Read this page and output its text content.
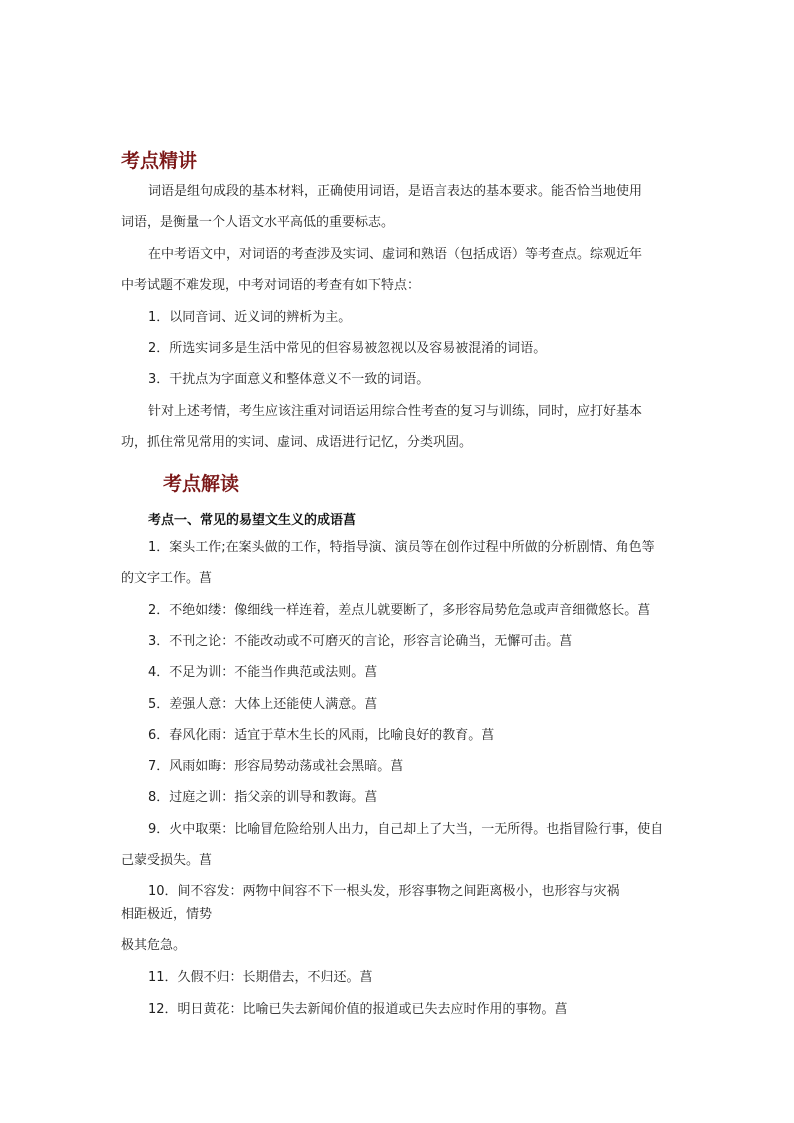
考点精讲
词语是组句成段的基本材料，正确使用词语，是语言表达的基本要求。能否恰当地使用
词语，是衡量一个人语文水平高低的重要标志。
在中考语文中，对词语的考查涉及实词、虚词和熟语（包括成语）等考查点。综观近年
中考试题不难发现，中考对词语的考查有如下特点：
1．以同音词、近义词的辨析为主。
2．所选实词多是生活中常见的但容易被忽视以及容易被混淆的词语。
3．干扰点为字面意义和整体意义不一致的词语。
针对上述考情，考生应该注重对词语运用综合性考查的复习与训练，同时，应打好基本
功，抓住常见常用的实词、虚词、成语进行记忆，分类巩固。
考点解读
考点一、常见的易望文生义的成语菖
1．案头工作;在案头做的工作，特指导演、演员等在创作过程中所做的分析剧情、角色等
的文字工作。菖
2．不绝如缕：像细线一样连着，差点儿就要断了，多形容局势危急或声音细微悠长。菖
3．不刊之论：不能改动或不可磨灭的言论，形容言论确当，无懈可击。菖
4．不足为训：不能当作典范或法则。菖
5．差强人意：大体上还能使人满意。菖
6．春风化雨：适宜于草木生长的风雨，比喻良好的教育。菖
7．风雨如晦：形容局势动荡或社会黑暗。菖
8．过庭之训：指父亲的训导和教诲。菖
9．火中取栗：比喻冒危险给别人出力，自己却上了大当，一无所得。也指冒险行事，使自
己蒙受损失。菖
10．间不容发：两物中间容不下一根头发，形容事物之间距离极小，也形容与灾祸
相距极近，情势
极其危急。
11．久假不归：长期借去，不归还。菖
12．明日黄花：比喻已失去新闻价值的报道或已失去应时作用的事物。菖
